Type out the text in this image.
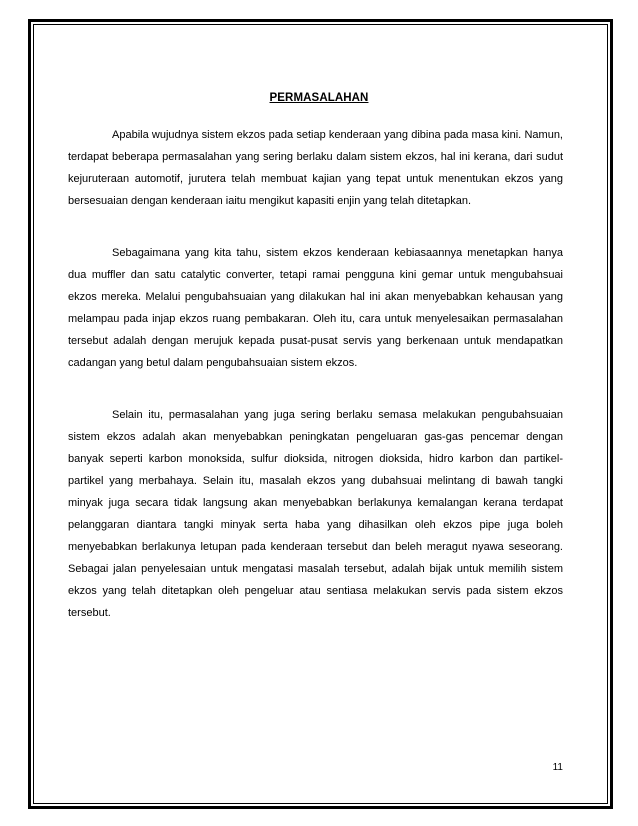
PERMASALAHAN

Apabila wujudnya sistem ekzos pada setiap kenderaan yang dibina pada masa kini. Namun, terdapat beberapa permasalahan yang sering berlaku dalam sistem ekzos, hal ini kerana, dari sudut kejuruteraan automotif, jurutera telah membuat kajian yang tepat untuk menentukan ekzos yang bersesuaian dengan kenderaan iaitu mengikut kapasiti enjin yang telah ditetapkan.

Sebagaimana yang kita tahu, sistem ekzos kenderaan kebiasaannya menetapkan hanya dua muffler dan satu catalytic converter, tetapi ramai pengguna kini gemar untuk mengubahsuai ekzos mereka. Melalui pengubahsuaian yang dilakukan hal ini akan menyebabkan kehausan yang melampau pada injap ekzos ruang pembakaran. Oleh itu, cara untuk menyelesaikan permasalahan tersebut adalah dengan merujuk kepada pusat-pusat servis yang berkenaan untuk mendapatkan cadangan yang betul dalam pengubahsuaian sistem ekzos.

Selain itu, permasalahan yang juga sering berlaku semasa melakukan pengubahsuaian sistem ekzos adalah akan menyebabkan peningkatan pengeluaran gas-gas pencemar dengan banyak seperti karbon monoksida, sulfur dioksida, nitrogen dioksida, hidro karbon dan partikel-partikel yang merbahaya. Selain itu, masalah ekzos yang dubahsuai melintang di bawah tangki minyak juga secara tidak langsung akan menyebabkan berlakunya kemalangan kerana terdapat pelanggaran diantara tangki minyak serta haba yang dihasilkan oleh ekzos pipe juga boleh menyebabkan berlakunya letupan pada kenderaan tersebut dan beleh meragut nyawa seseorang. Sebagai jalan penyelesaian untuk mengatasi masalah tersebut, adalah bijak untuk memilih sistem ekzos yang telah ditetapkan oleh pengeluar atau sentiasa melakukan servis pada sistem ekzos tersebut.

11
